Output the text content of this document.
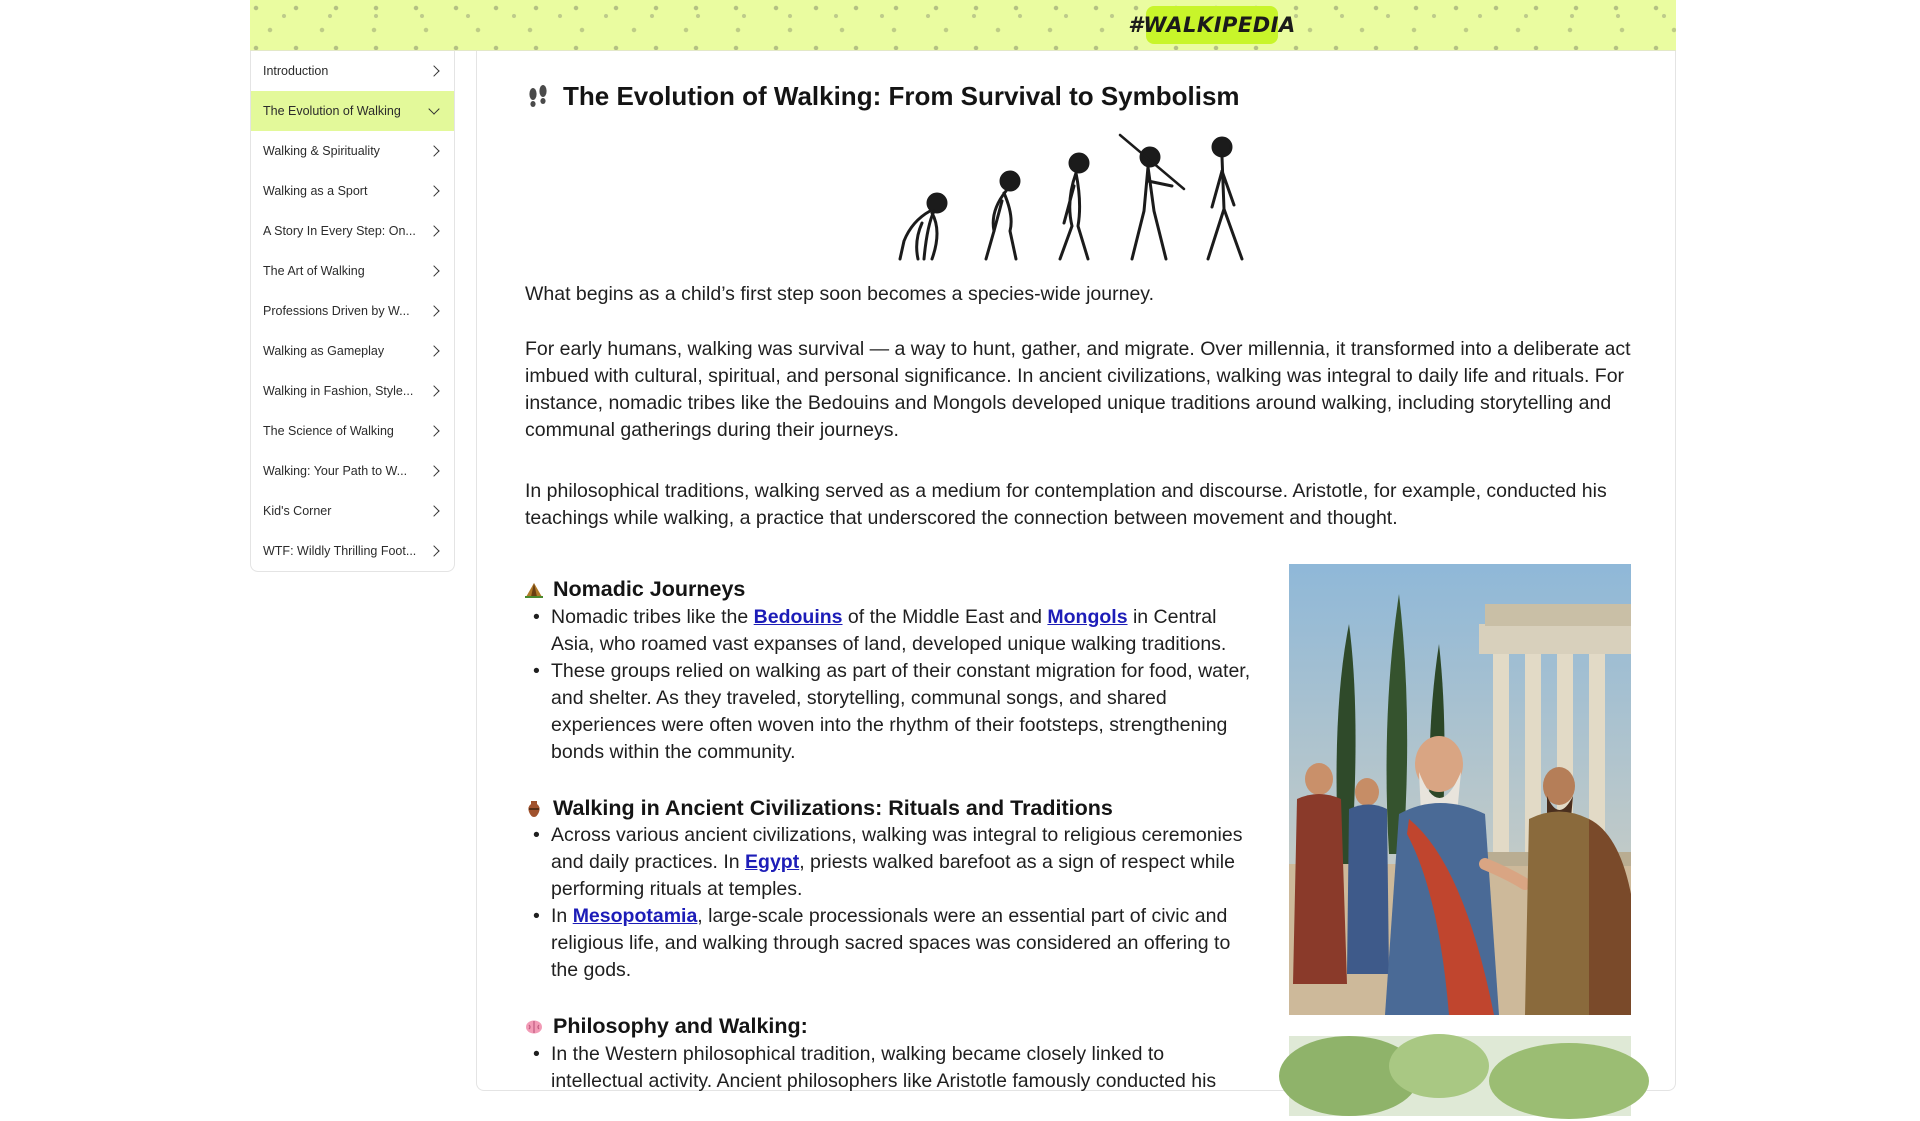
#WALKIPEDIA
Introduction
The Evolution of Walking
Walking & Spirituality
Walking as a Sport
A Story In Every Step: On...
The Art of Walking
Professions Driven by W...
Walking as Gameplay
Walking in Fashion, Style...
The Science of Walking
Walking: Your Path to W...
Kid's Corner
WTF: Wildly Thrilling Foot...
The Evolution of Walking: From Survival to Symbolism

What begins as a child’s first step soon becomes a species-wide journey.

For early humans, walking was survival — a way to hunt, gather, and migrate. Over millennia, it transformed into a deliberate act imbued with cultural, spiritual, and personal significance. In ancient civilizations, walking was integral to daily life and rituals. For instance, nomadic tribes like the Bedouins and Mongols developed unique traditions around walking, including storytelling and communal gatherings during their journeys.

In philosophical traditions, walking served as a medium for contemplation and discourse. Aristotle, for example, conducted his teachings while walking, a practice that underscored the connection between movement and thought.

Nomadic Journeys
• Nomadic tribes like the Bedouins of the Middle East and Mongols in Central Asia, who roamed vast expanses of land, developed unique walking traditions.
• These groups relied on walking as part of their constant migration for food, water, and shelter. As they traveled, storytelling, communal songs, and shared experiences were often woven into the rhythm of their footsteps, strengthening bonds within the community.
Walking in Ancient Civilizations: Rituals and Traditions
• Across various ancient civilizations, walking was integral to religious ceremonies and daily practices. In Egypt, priests walked barefoot as a sign of respect while performing rituals at temples.
• In Mesopotamia, large-scale processionals were an essential part of civic and religious life, and walking through sacred spaces was considered an offering to the gods.
Philosophy and Walking:
• In the Western philosophical tradition, walking became closely linked to intellectual activity. Ancient philosophers like Aristotle famously conducted his
